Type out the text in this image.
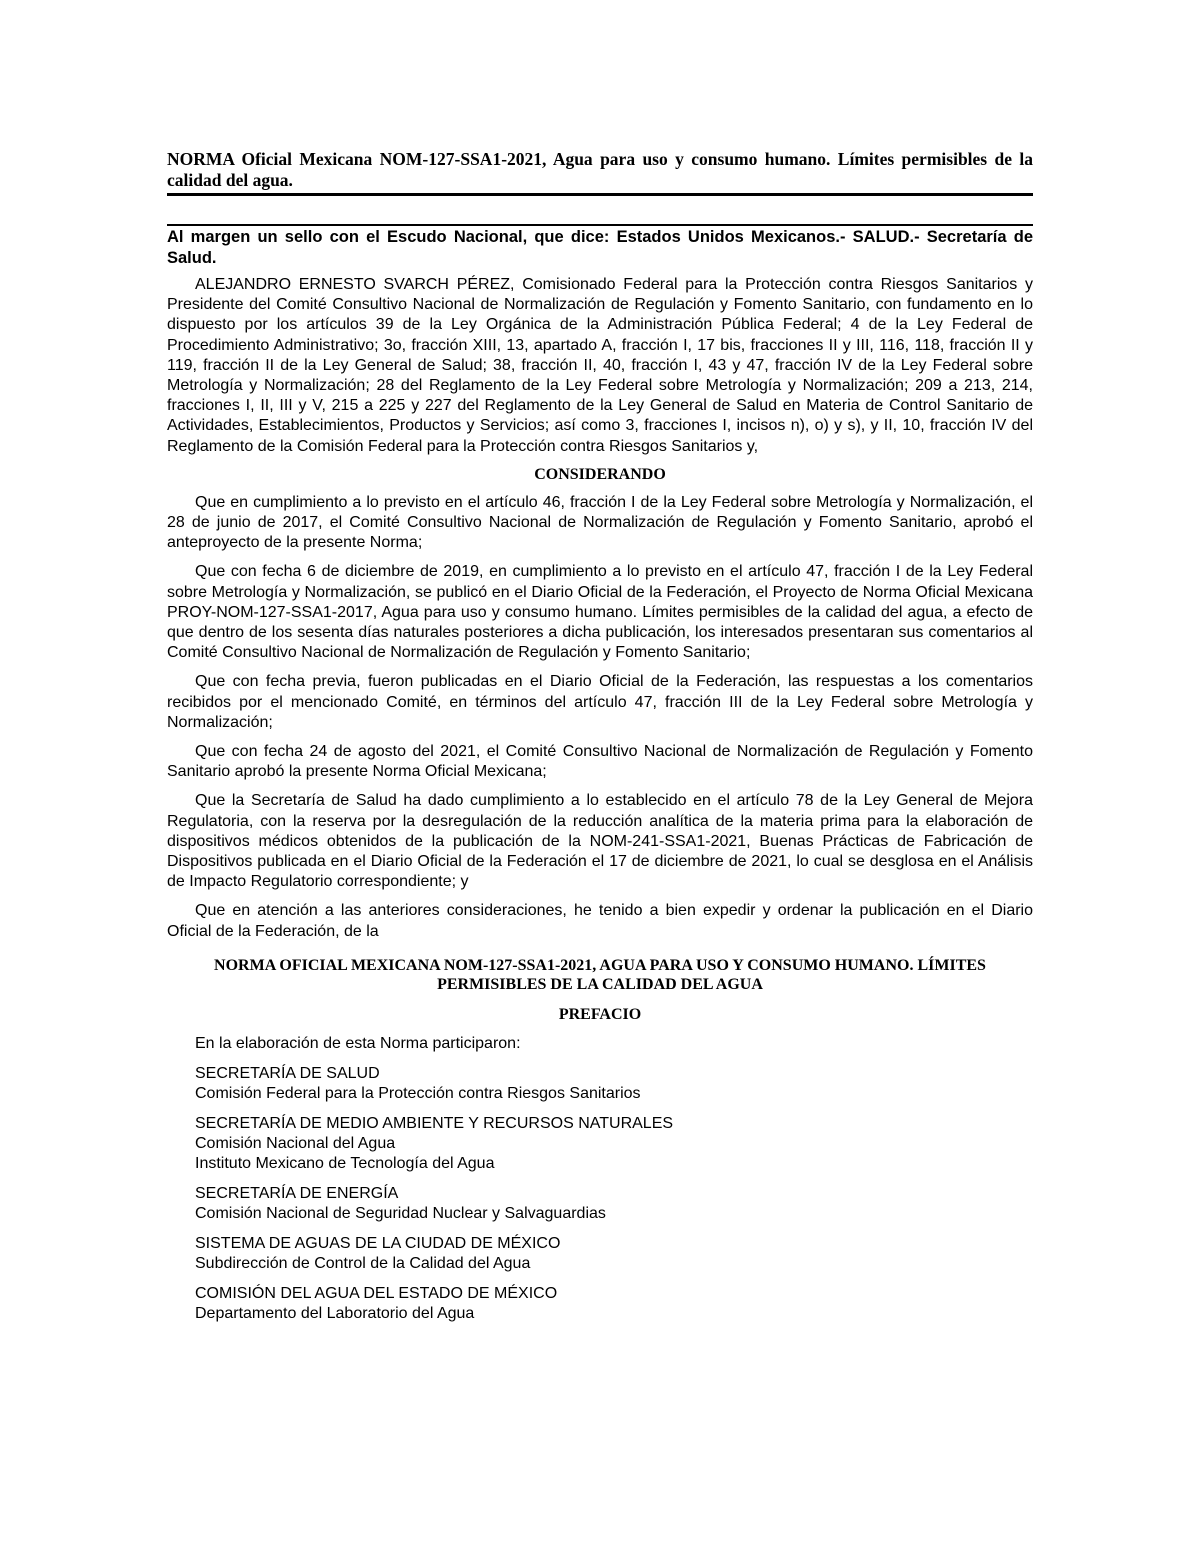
NORMA Oficial Mexicana NOM-127-SSA1-2021, Agua para uso y consumo humano. Límites permisibles de la calidad del agua.
Al margen un sello con el Escudo Nacional, que dice: Estados Unidos Mexicanos.- SALUD.- Secretaría de Salud.

ALEJANDRO ERNESTO SVARCH PÉREZ, Comisionado Federal para la Protección contra Riesgos Sanitarios y Presidente del Comité Consultivo Nacional de Normalización de Regulación y Fomento Sanitario, con fundamento en lo dispuesto por los artículos 39 de la Ley Orgánica de la Administración Pública Federal; 4 de la Ley Federal de Procedimiento Administrativo; 3o, fracción XIII, 13, apartado A, fracción I, 17 bis, fracciones II y III, 116, 118, fracción II y 119, fracción II de la Ley General de Salud; 38, fracción II, 40, fracción I, 43 y 47, fracción IV de la Ley Federal sobre Metrología y Normalización; 28 del Reglamento de la Ley Federal sobre Metrología y Normalización; 209 a 213, 214, fracciones I, II, III y V, 215 a 225 y 227 del Reglamento de la Ley General de Salud en Materia de Control Sanitario de Actividades, Establecimientos, Productos y Servicios; así como 3, fracciones I, incisos n), o) y s), y II, 10, fracción IV del Reglamento de la Comisión Federal para la Protección contra Riesgos Sanitarios y,

CONSIDERANDO

Que en cumplimiento a lo previsto en el artículo 46, fracción I de la Ley Federal sobre Metrología y Normalización, el 28 de junio de 2017, el Comité Consultivo Nacional de Normalización de Regulación y Fomento Sanitario, aprobó el anteproyecto de la presente Norma;

Que con fecha 6 de diciembre de 2019, en cumplimiento a lo previsto en el artículo 47, fracción I de la Ley Federal sobre Metrología y Normalización, se publicó en el Diario Oficial de la Federación, el Proyecto de Norma Oficial Mexicana PROY-NOM-127-SSA1-2017, Agua para uso y consumo humano. Límites permisibles de la calidad del agua, a efecto de que dentro de los sesenta días naturales posteriores a dicha publicación, los interesados presentaran sus comentarios al Comité Consultivo Nacional de Normalización de Regulación y Fomento Sanitario;

Que con fecha previa, fueron publicadas en el Diario Oficial de la Federación, las respuestas a los comentarios recibidos por el mencionado Comité, en términos del artículo 47, fracción III de la Ley Federal sobre Metrología y Normalización;

Que con fecha 24 de agosto del 2021, el Comité Consultivo Nacional de Normalización de Regulación y Fomento Sanitario aprobó la presente Norma Oficial Mexicana;

Que la Secretaría de Salud ha dado cumplimiento a lo establecido en el artículo 78 de la Ley General de Mejora Regulatoria, con la reserva por la desregulación de la reducción analítica de la materia prima para la elaboración de dispositivos médicos obtenidos de la publicación de la NOM-241-SSA1-2021, Buenas Prácticas de Fabricación de Dispositivos publicada en el Diario Oficial de la Federación el 17 de diciembre de 2021, lo cual se desglosa en el Análisis de Impacto Regulatorio correspondiente; y

Que en atención a las anteriores consideraciones, he tenido a bien expedir y ordenar la publicación en el Diario Oficial de la Federación, de la

NORMA OFICIAL MEXICANA NOM-127-SSA1-2021, AGUA PARA USO Y CONSUMO HUMANO. LÍMITES PERMISIBLES DE LA CALIDAD DEL AGUA

PREFACIO

En la elaboración de esta Norma participaron:

SECRETARÍA DE SALUD
Comisión Federal para la Protección contra Riesgos Sanitarios
SECRETARÍA DE MEDIO AMBIENTE Y RECURSOS NATURALES
Comisión Nacional del Agua
Instituto Mexicano de Tecnología del Agua
SECRETARÍA DE ENERGÍA
Comisión Nacional de Seguridad Nuclear y Salvaguardias
SISTEMA DE AGUAS DE LA CIUDAD DE MÉXICO
Subdirección de Control de la Calidad del Agua
COMISIÓN DEL AGUA DEL ESTADO DE MÉXICO
Departamento del Laboratorio del Agua
